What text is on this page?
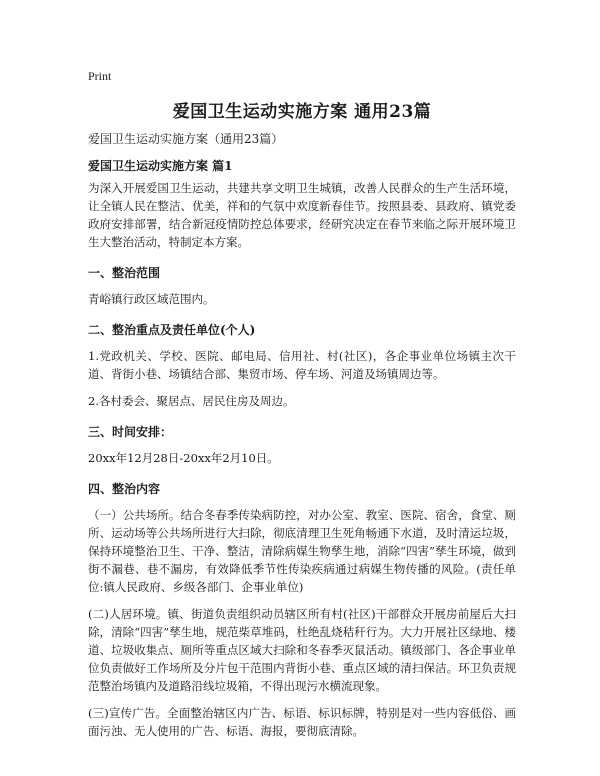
Print
爱国卫生运动实施方案 通用23篇
爱国卫生运动实施方案（通用23篇）
爱国卫生运动实施方案 篇1

为深入开展爱国卫生运动，共建共享文明卫生城镇，改善人民群众的生产生活环境，让全镇人民在整洁、优美，祥和的气氛中欢度新春佳节。按照县委、县政府、镇党委政府安排部署，结合新冠疫情防控总体要求，经研究决定在春节来临之际开展环境卫生大整治活动，特制定本方案。

一、整治范围

青峪镇行政区域范围内。

二、整治重点及责任单位(个人)

1.党政机关、学校、医院、邮电局、信用社、村(社区)，各企事业单位场镇主次干道、背街小巷、场镇结合部、集贸市场、停车场、河道及场镇周边等。

2.各村委会、聚居点、居民住房及周边。

三、时间安排：

20xx年12月28日-20xx年2月10日。

四、整治内容

（一）公共场所。结合冬春季传染病防控，对办公室、教室、医院、宿舍，食堂、厕所、运动场等公共场所进行大扫除，彻底清理卫生死角畅通下水道，及时清运垃圾，保持环境整治卫生、干净、整洁，清除病媒生物孳生地，消除“四害”孳生环境，做到街不漏巷、巷不漏房，有效降低季节性传染疾病通过病媒生物传播的风险。(责任单位:镇人民政府、乡级各部门、企事业单位)

(二)人居环境。镇、街道负责组织动员辖区所有村(社区)干部群众开展房前屋后大扫除，清除“四害”孳生地，规范柴草堆码，杜绝乱烧秸秆行为。大力开展社区绿地、楼道、垃圾收集点、厕所等重点区域大扫除和冬春季灭鼠活动。镇级部门、各企事业单位负责做好工作场所及分片包干范围内背街小巷、重点区域的清扫保洁。环卫负责规范整治场镇内及道路沿线垃圾箱，不得出现污水横流现象。

(三)宣传广告。全面整治辖区内广告、标语、标识标牌，特别是对一些内容低俗、画面污浊、无人使用的广告、标语、海报，要彻底清除。
